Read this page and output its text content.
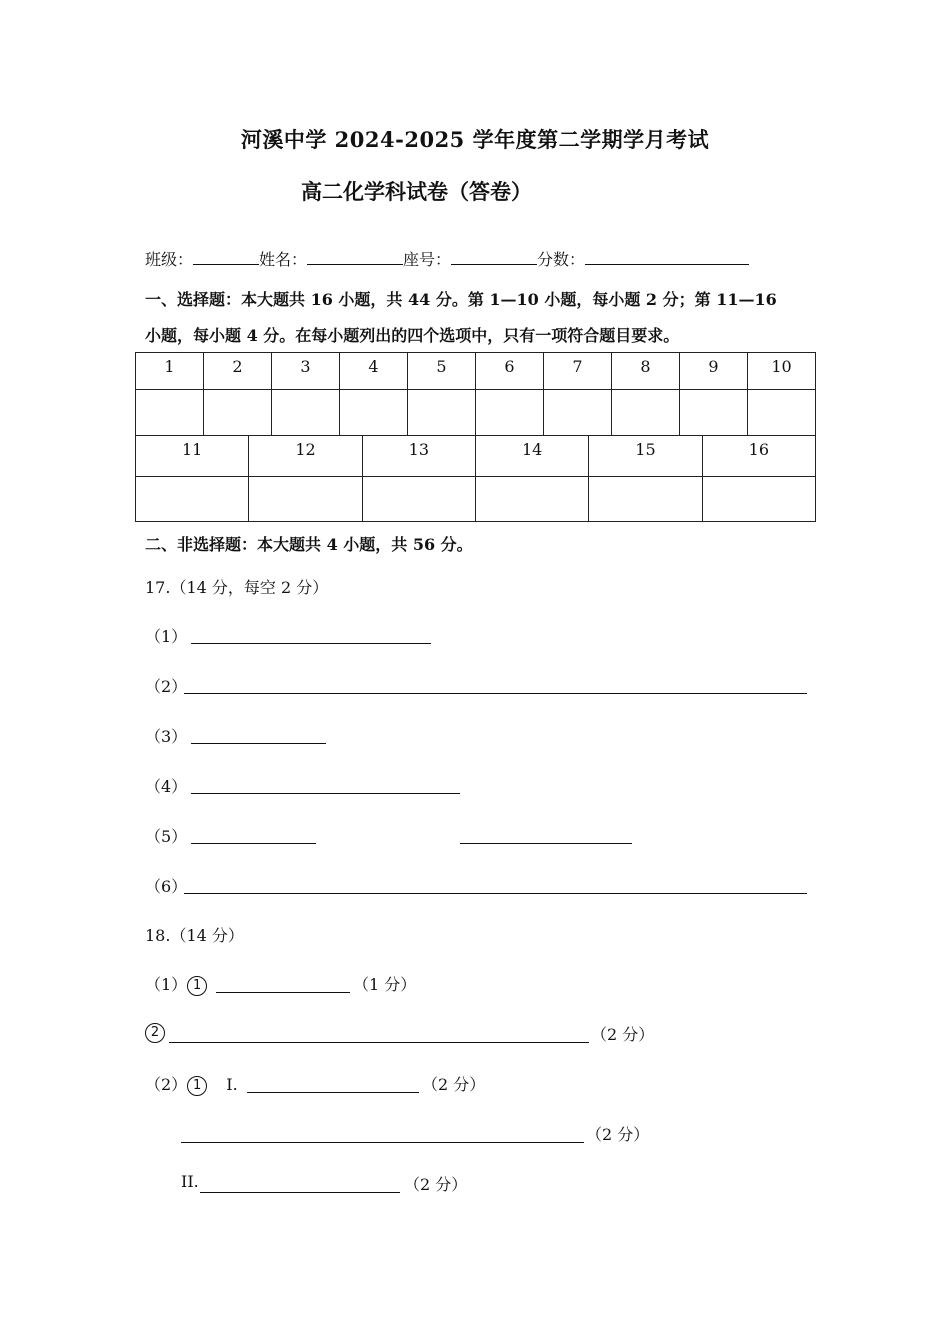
河溪中学 2024-2025 学年度第二学期学月考试
高二化学科试卷（答卷）
班级：	姓名：	座号：	分数：
一、选择题：本大题共 16 小题，共 44 分。第 1—10 小题，每小题 2 分；第 11—16
小题，每小题 4 分。在每小题列出的四个选项中，只有一项符合题目要求。
1	2	3	4	5	6	7	8	9	10

11	12	13	14	15	16

二、非选择题：本大题共 4 小题，共 56 分。
17.（14 分，每空 2 分）
（1）
（2）
（3）
（4）
（5）
（6）
18.（14 分）
（1） 1	（1 分）
2	（2 分）
（2） 1 I.	（2 分）
（2 分）
II.	（2 分）
